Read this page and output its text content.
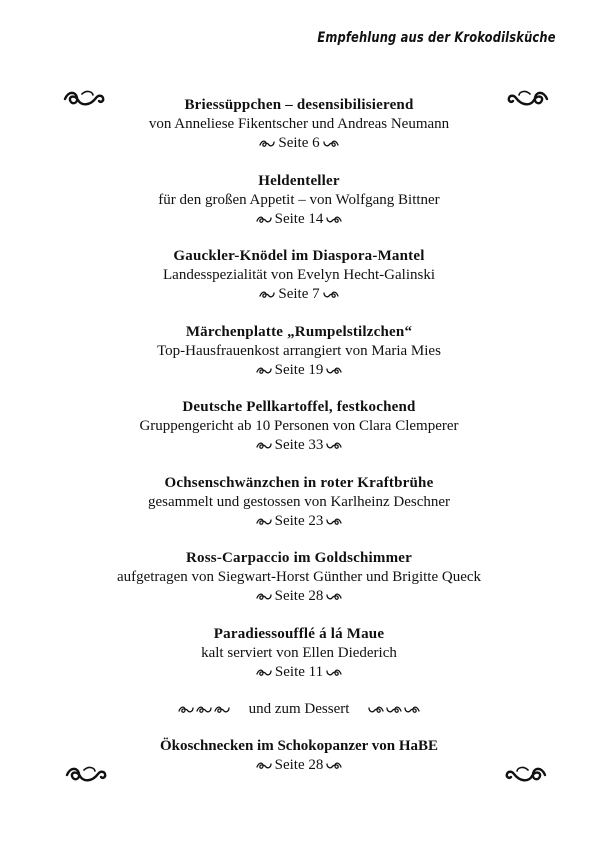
Empfehlung aus der Krokodilsküche
Briessüppchen – desensibilisierend
von Anneliese Fikentscher und Andreas Neumann
Seite 6
Heldenteller
für den großen Appetit – von Wolfgang Bittner
Seite 14
Gauckler-Knödel im Diaspora-Mantel
Landesspezialität von Evelyn Hecht-Galinski
Seite 7
Märchenplatte „Rumpelstilzchen“
Top-Hausfrauenkost arrangiert von Maria Mies
Seite 19
Deutsche Pellkartoffel, festkochend
Gruppengericht ab 10 Personen von Clara Clemperer
Seite 33
Ochsenschwänzchen in roter Kraftbrühe
gesammelt und gestossen von Karlheinz Deschner
Seite 23
Ross-Carpaccio im Goldschimmer
aufgetragen von Siegwart-Horst Günther und Brigitte Queck
Seite 28
Paradiessoufflé á lá Maue
kalt serviert von Ellen Diederich
Seite 11
und zum Dessert
Ökoschnecken im Schokopanzer von HaBE
Seite 28
